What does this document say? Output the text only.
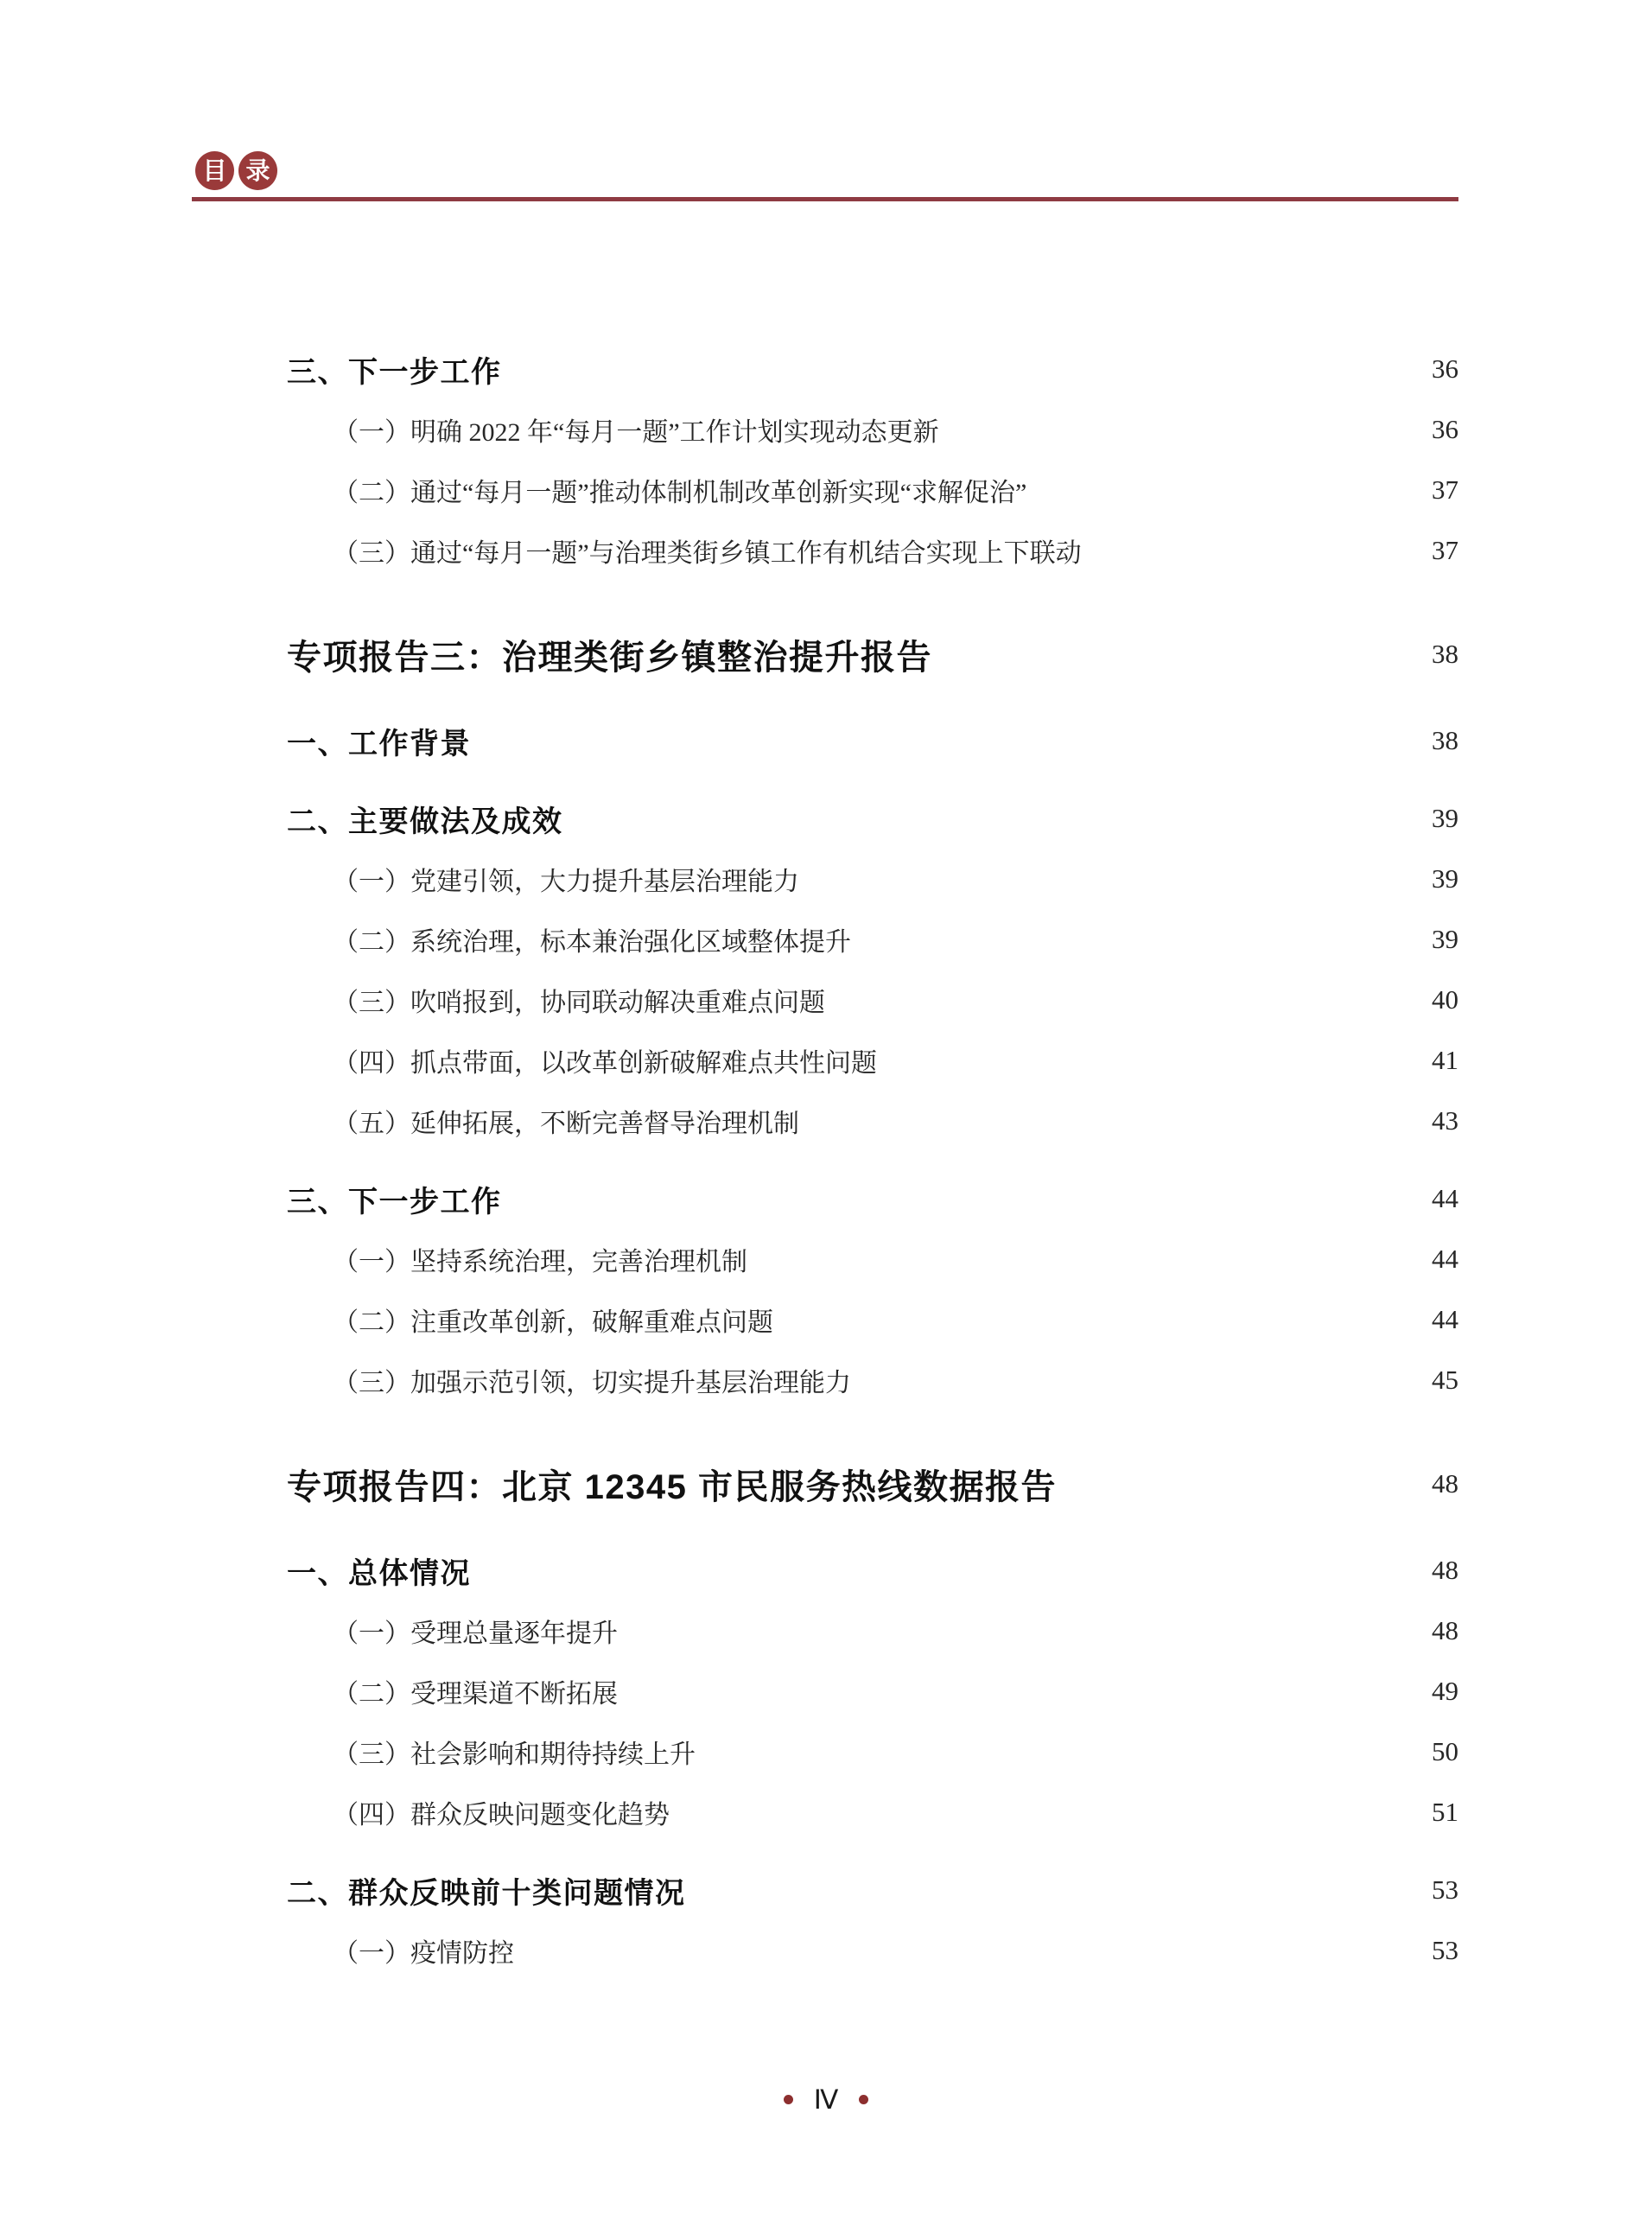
目 录
三、下一步工作	36
（一）明确 2022 年“每月一题”工作计划实现动态更新	36
（二）通过“每月一题”推动体制机制改革创新实现“求解促治”	37
（三）通过“每月一题”与治理类街乡镇工作有机结合实现上下联动	37
专项报告三：治理类街乡镇整治提升报告	38
一、工作背景	38
二、主要做法及成效	39
（一）党建引领，大力提升基层治理能力	39
（二）系统治理，标本兼治强化区域整体提升	39
（三）吹哨报到，协同联动解决重难点问题	40
（四）抓点带面，以改革创新破解难点共性问题	41
（五）延伸拓展，不断完善督导治理机制	43
三、下一步工作	44
（一）坚持系统治理，完善治理机制	44
（二）注重改革创新，破解重难点问题	44
（三）加强示范引领，切实提升基层治理能力	45
专项报告四：北京 12345 市民服务热线数据报告	48
一、总体情况	48
（一）受理总量逐年提升	48
（二）受理渠道不断拓展	49
（三）社会影响和期待持续上升	50
（四）群众反映问题变化趋势	51
二、群众反映前十类问题情况	53
（一）疫情防控	53
Ⅳ
